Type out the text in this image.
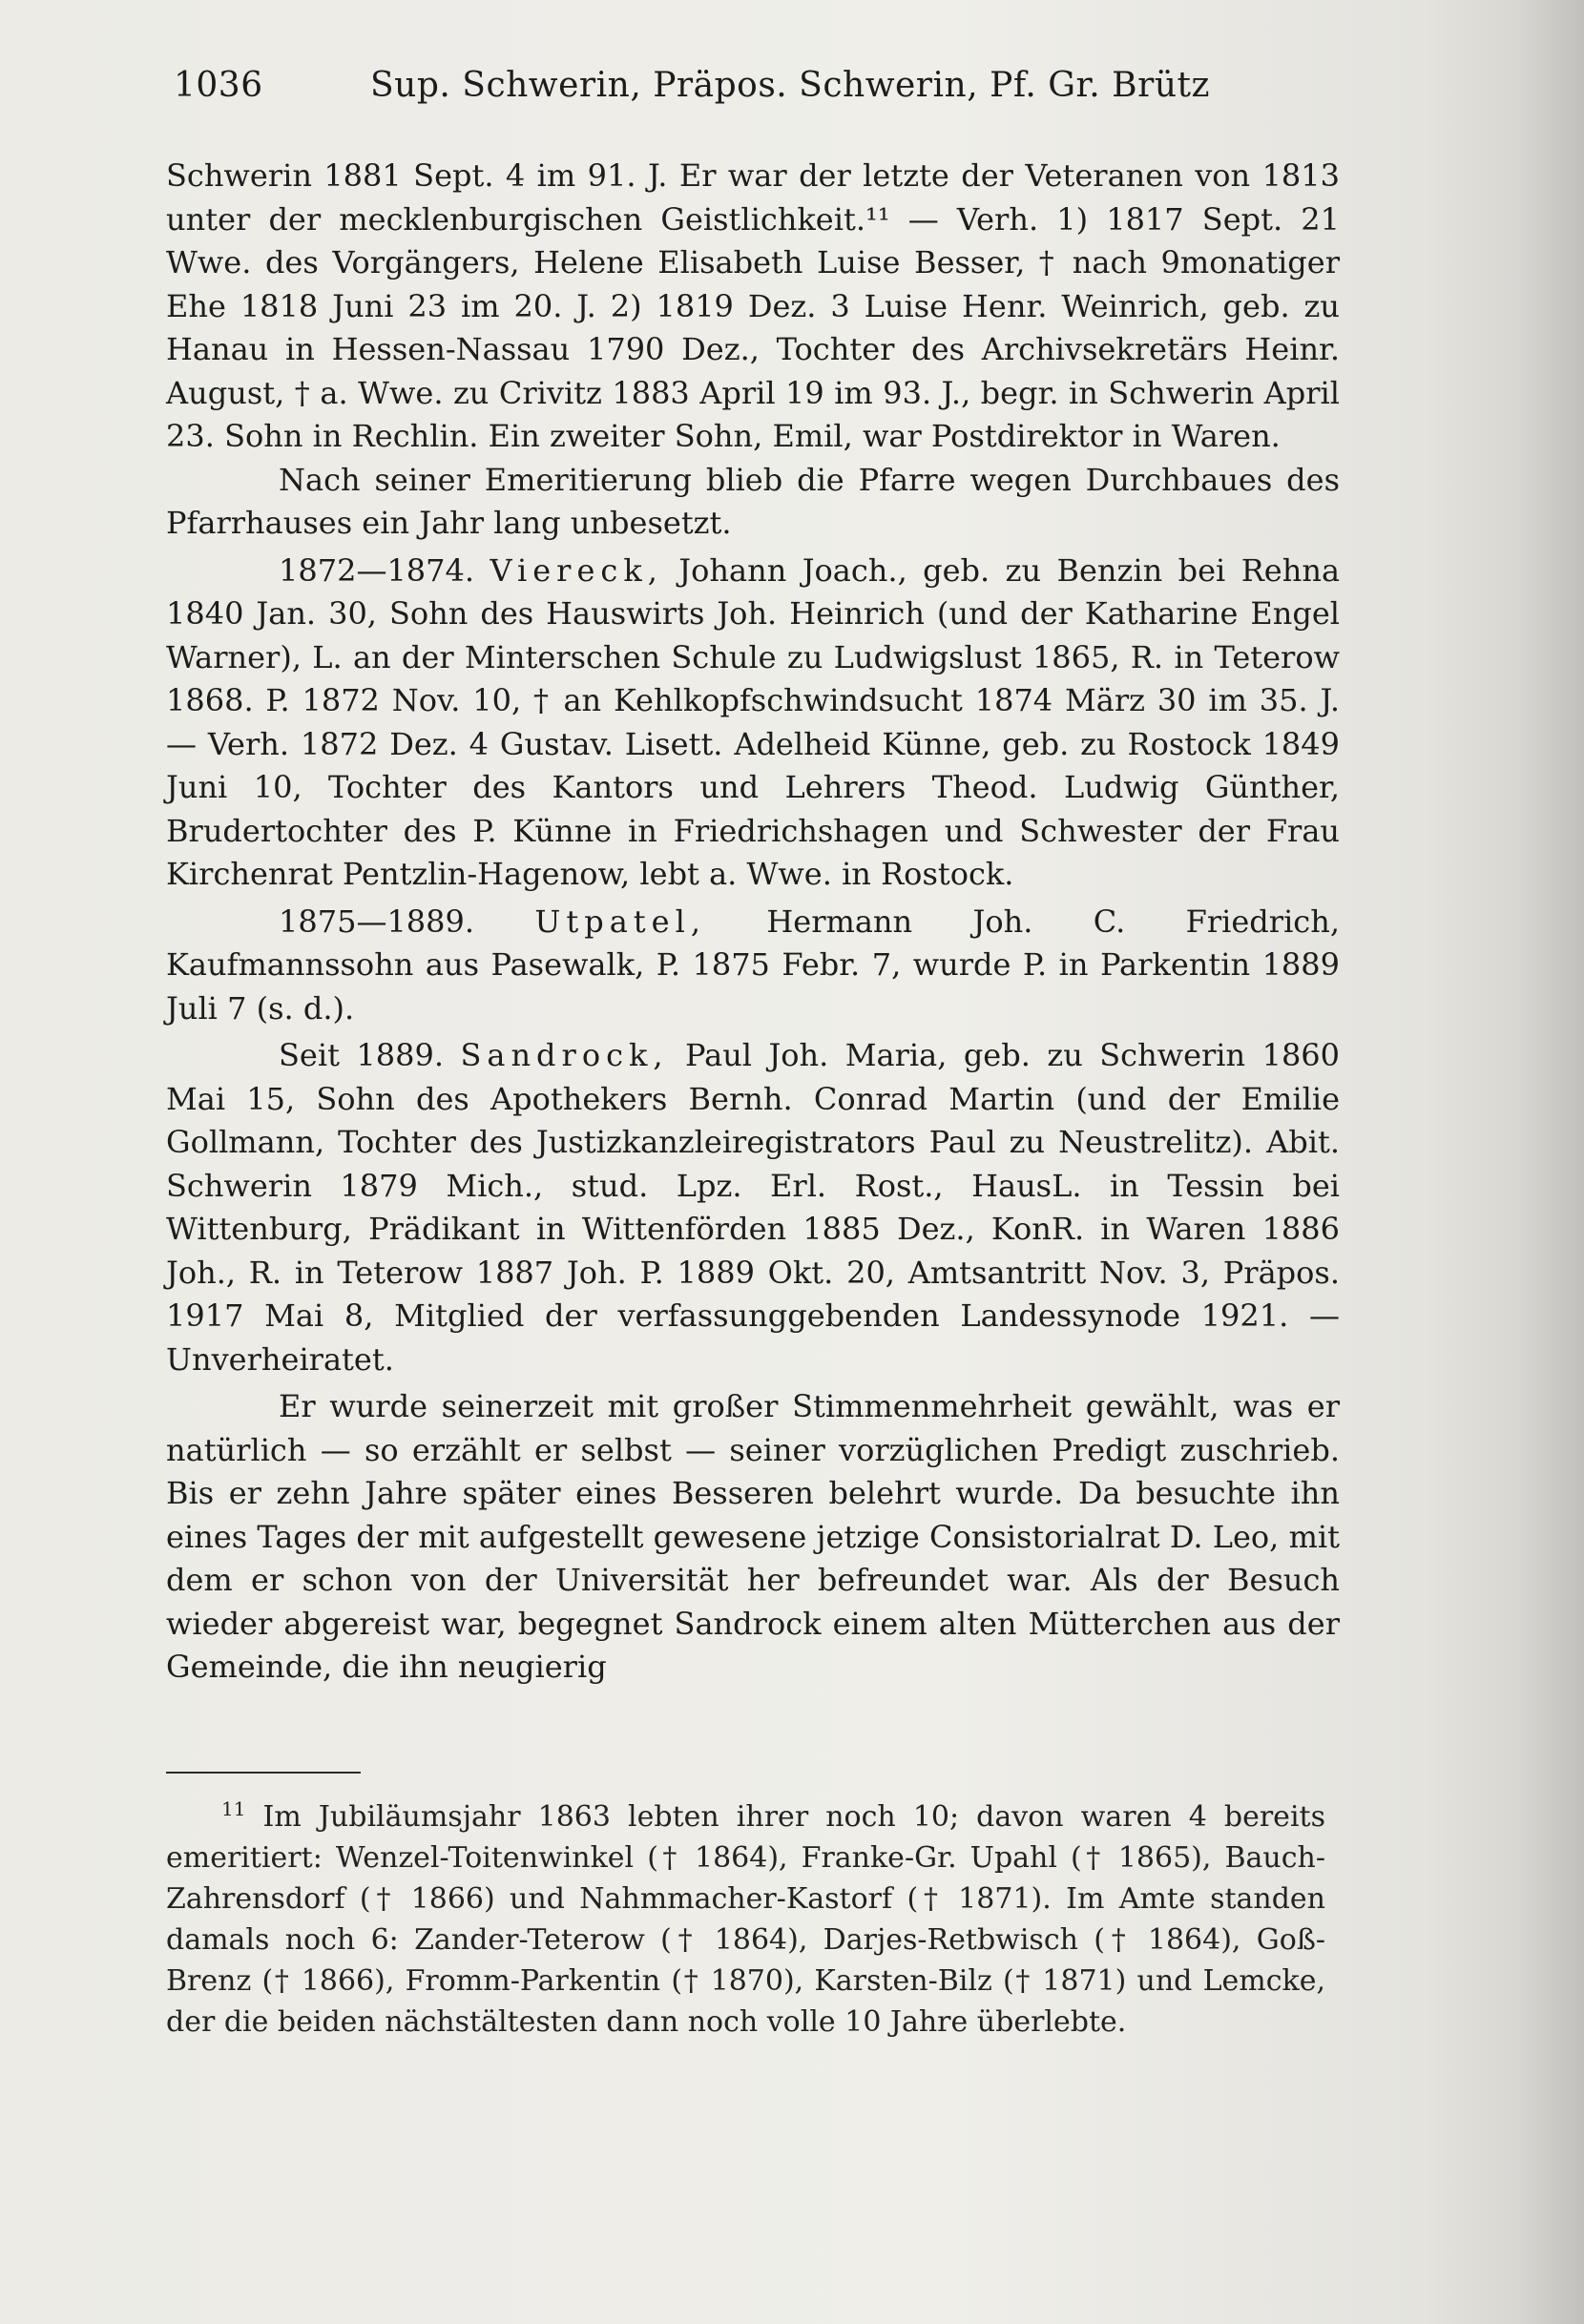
1036	Sup. Schwerin, Präpos. Schwerin, Pf. Gr. Brütz

Schwerin 1881 Sept. 4 im 91. J. Er war der letzte der Veteranen von 1813 unter der mecklenburgischen Geistlichkeit.¹¹ — Verh. 1) 1817 Sept. 21 Wwe. des Vorgängers, Helene Elisabeth Luise Besser, † nach 9monatiger Ehe 1818 Juni 23 im 20. J. 2) 1819 Dez. 3 Luise Henr. Weinrich, geb. zu Hanau in Hessen-Nassau 1790 Dez., Tochter des Archivsekretärs Heinr. August, † a. Wwe. zu Crivitz 1883 April 19 im 93. J., begr. in Schwerin April 23. Sohn in Rechlin. Ein zweiter Sohn, Emil, war Postdirektor in Waren.

Nach seiner Emeritierung blieb die Pfarre wegen Durchbaues des Pfarrhauses ein Jahr lang unbesetzt.

1872—1874. Viereck, Johann Joach., geb. zu Benzin bei Rehna 1840 Jan. 30, Sohn des Hauswirts Joh. Heinrich (und der Katharine Engel Warner), L. an der Minterschen Schule zu Ludwigslust 1865, R. in Teterow 1868. P. 1872 Nov. 10, † an Kehlkopfschwindsucht 1874 März 30 im 35. J. — Verh. 1872 Dez. 4 Gustav. Lisett. Adelheid Künne, geb. zu Rostock 1849 Juni 10, Tochter des Kantors und Lehrers Theod. Ludwig Günther, Brudertochter des P. Künne in Friedrichshagen und Schwester der Frau Kirchenrat Pentzlin-Hagenow, lebt a. Wwe. in Rostock.

1875—1889. Utpatel, Hermann Joh. C. Friedrich, Kaufmannssohn aus Pasewalk, P. 1875 Febr. 7, wurde P. in Parkentin 1889 Juli 7 (s. d.).

Seit 1889. Sandrock, Paul Joh. Maria, geb. zu Schwerin 1860 Mai 15, Sohn des Apothekers Bernh. Conrad Martin (und der Emilie Gollmann, Tochter des Justizkanzleiregistrators Paul zu Neustrelitz). Abit. Schwerin 1879 Mich., stud. Lpz. Erl. Rost., HausL. in Tessin bei Wittenburg, Prädikant in Wittenförden 1885 Dez., KonR. in Waren 1886 Joh., R. in Teterow 1887 Joh. P. 1889 Okt. 20, Amtsantritt Nov. 3, Präpos. 1917 Mai 8, Mitglied der verfassunggebenden Landessynode 1921. — Unverheiratet.

Er wurde seinerzeit mit großer Stimmenmehrheit gewählt, was er natürlich — so erzählt er selbst — seiner vorzüglichen Predigt zuschrieb. Bis er zehn Jahre später eines Besseren belehrt wurde. Da besuchte ihn eines Tages der mit aufgestellt gewesene jetzige Consistorialrat D. Leo, mit dem er schon von der Universität her befreundet war. Als der Besuch wieder abgereist war, begegnet Sandrock einem alten Mütterchen aus der Gemeinde, die ihn neugierig

$^{11}$ Im Jubiläumsjahr 1863 lebten ihrer noch 10; davon waren 4 bereits emeritiert: Wenzel-Toitenwinkel († 1864), Franke-Gr. Upahl († 1865), Bauch-Zahrensdorf († 1866) und Nahmmacher-Kastorf († 1871). Im Amte standen damals noch 6: Zander-Teterow († 1864), Darjes-Retbwisch († 1864), Goß-Brenz († 1866), Fromm-Parkentin († 1870), Karsten-Bilz († 1871) und Lemcke, der die beiden nächstältesten dann noch volle 10 Jahre überlebte.
